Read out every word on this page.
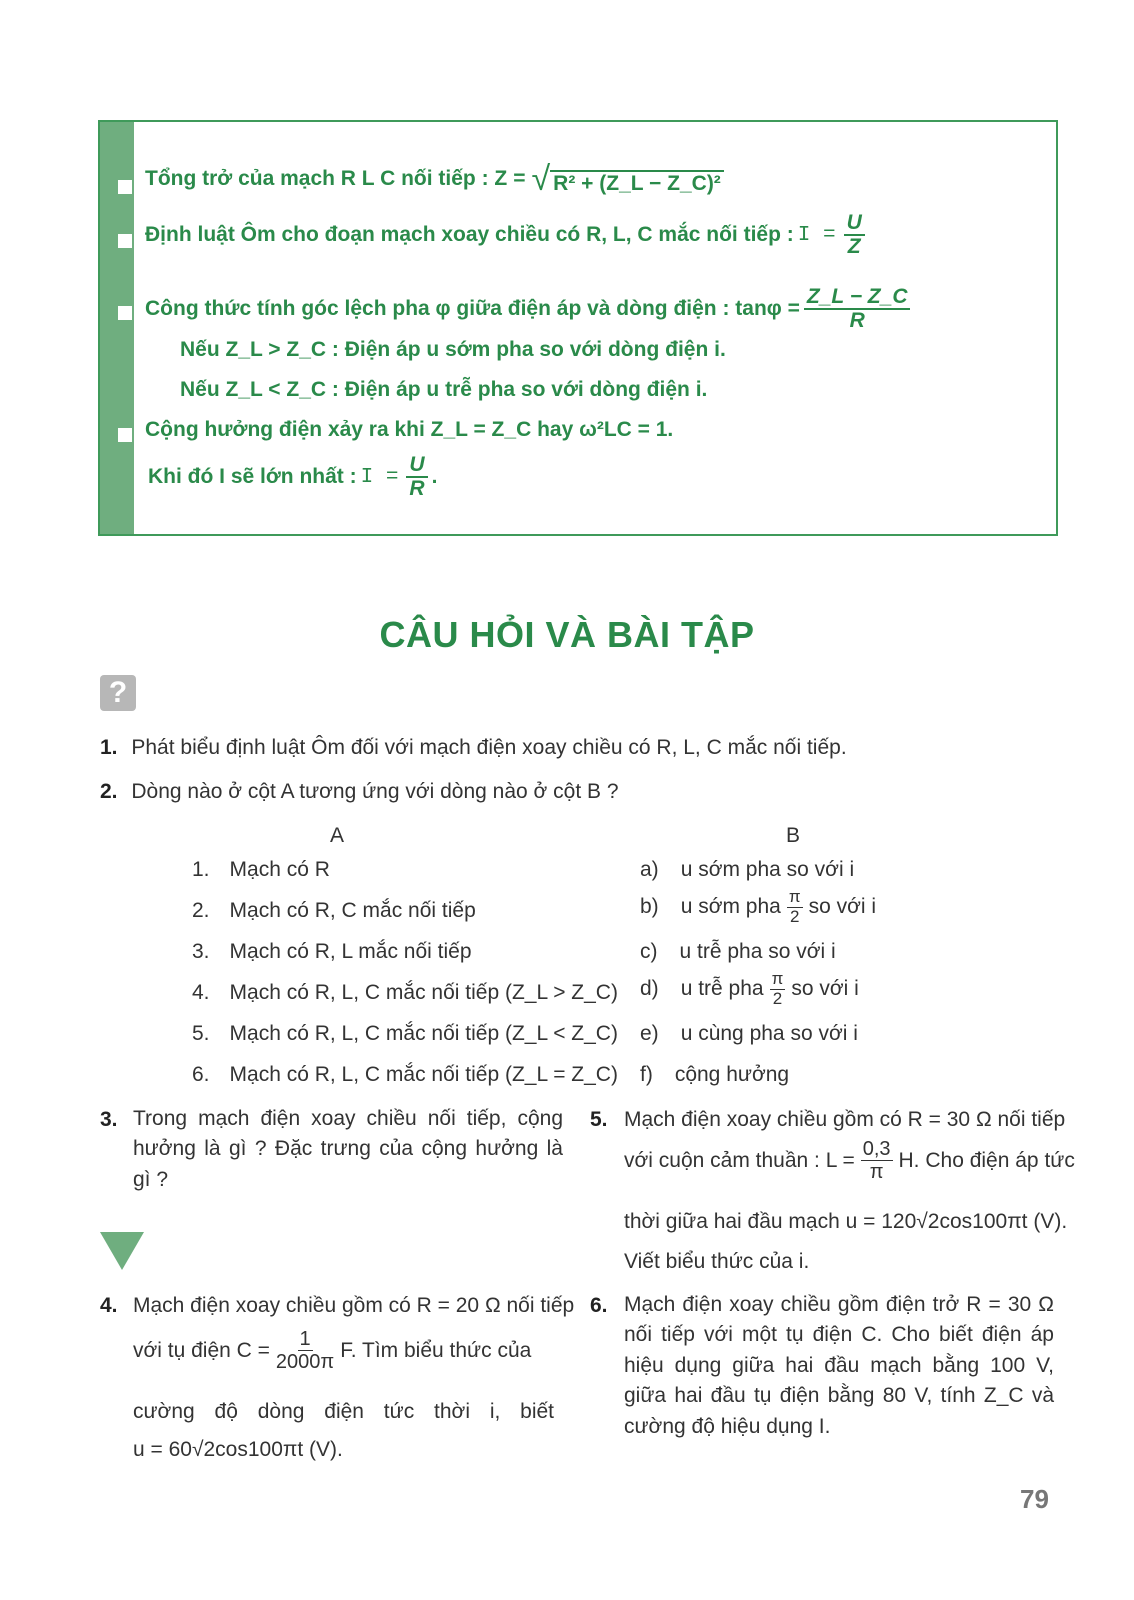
Tổng trở của mạch R L C nối tiếp : Z = √ R² + (Z_L − Z_C)²
Định luật Ôm cho đoạn mạch xoay chiều có R, L, C mắc nối tiếp : $I = \frac{U}{Z}$
Công thức tính góc lệch pha φ giữa điện áp và dòng điện : $\tan\varphi = \frac{Z\_L - Z\_C}{R}$
Nếu Z_L > Z_C : Điện áp u sớm pha so với dòng điện i.
Nếu Z_L < Z_C : Điện áp u trễ pha so với dòng điện i.
Cộng hưởng điện xảy ra khi Z_L = Z_C hay ω²LC = 1.
Khi đó I sẽ lớn nhất : $I = \frac{U}{R}$ .
CÂU HỎI VÀ BÀI TẬP
?
1. Phát biểu định luật Ôm đối với mạch điện xoay chiều có R, L, C mắc nối tiếp.
2. Dòng nào ở cột A tương ứng với dòng nào ở cột B ?
A	B
1. Mạch có R
2. Mạch có R, C mắc nối tiếp
3. Mạch có R, L mắc nối tiếp
4. Mạch có R, L, C mắc nối tiếp (Z_L > Z_C)
5. Mạch có R, L, C mắc nối tiếp (Z_L < Z_C)
6. Mạch có R, L, C mắc nối tiếp (Z_L = Z_C)
a) u sớm pha so với i
b) u sớm pha $\frac{\pi}{2}$ so với i
c) u trễ pha so với i
d) u trễ pha $\frac{\pi}{2}$ so với i
e) u cùng pha so với i
f) cộng hưởng
3. Trong mạch điện xoay chiều nối tiếp, cộng hưởng là gì ? Đặc trưng của cộng hưởng là gì ?
4. Mạch điện xoay chiều gồm có R = 20 Ω nối tiếp
với tụ điện $C = \frac{1}{2000\pi} F$. Tìm biểu thức của
cường độ dòng điện tức thời i, biết
u = 60√2cos100πt (V).
5. Mạch điện xoay chiều gồm có R = 30 Ω nối tiếp
với cuộn cảm thuần : $L = \frac{0,3}{\pi} H$. Cho điện áp tức
thời giữa hai đầu mạch u = 120√2cos100πt (V).
Viết biểu thức của i.
6. Mạch điện xoay chiều gồm điện trở R = 30 Ω nối tiếp với một tụ điện C. Cho biết điện áp hiệu dụng giữa hai đầu mạch bằng 100 V, giữa hai đầu tụ điện bằng 80 V, tính Z_C và cường độ hiệu dụng I.
79
